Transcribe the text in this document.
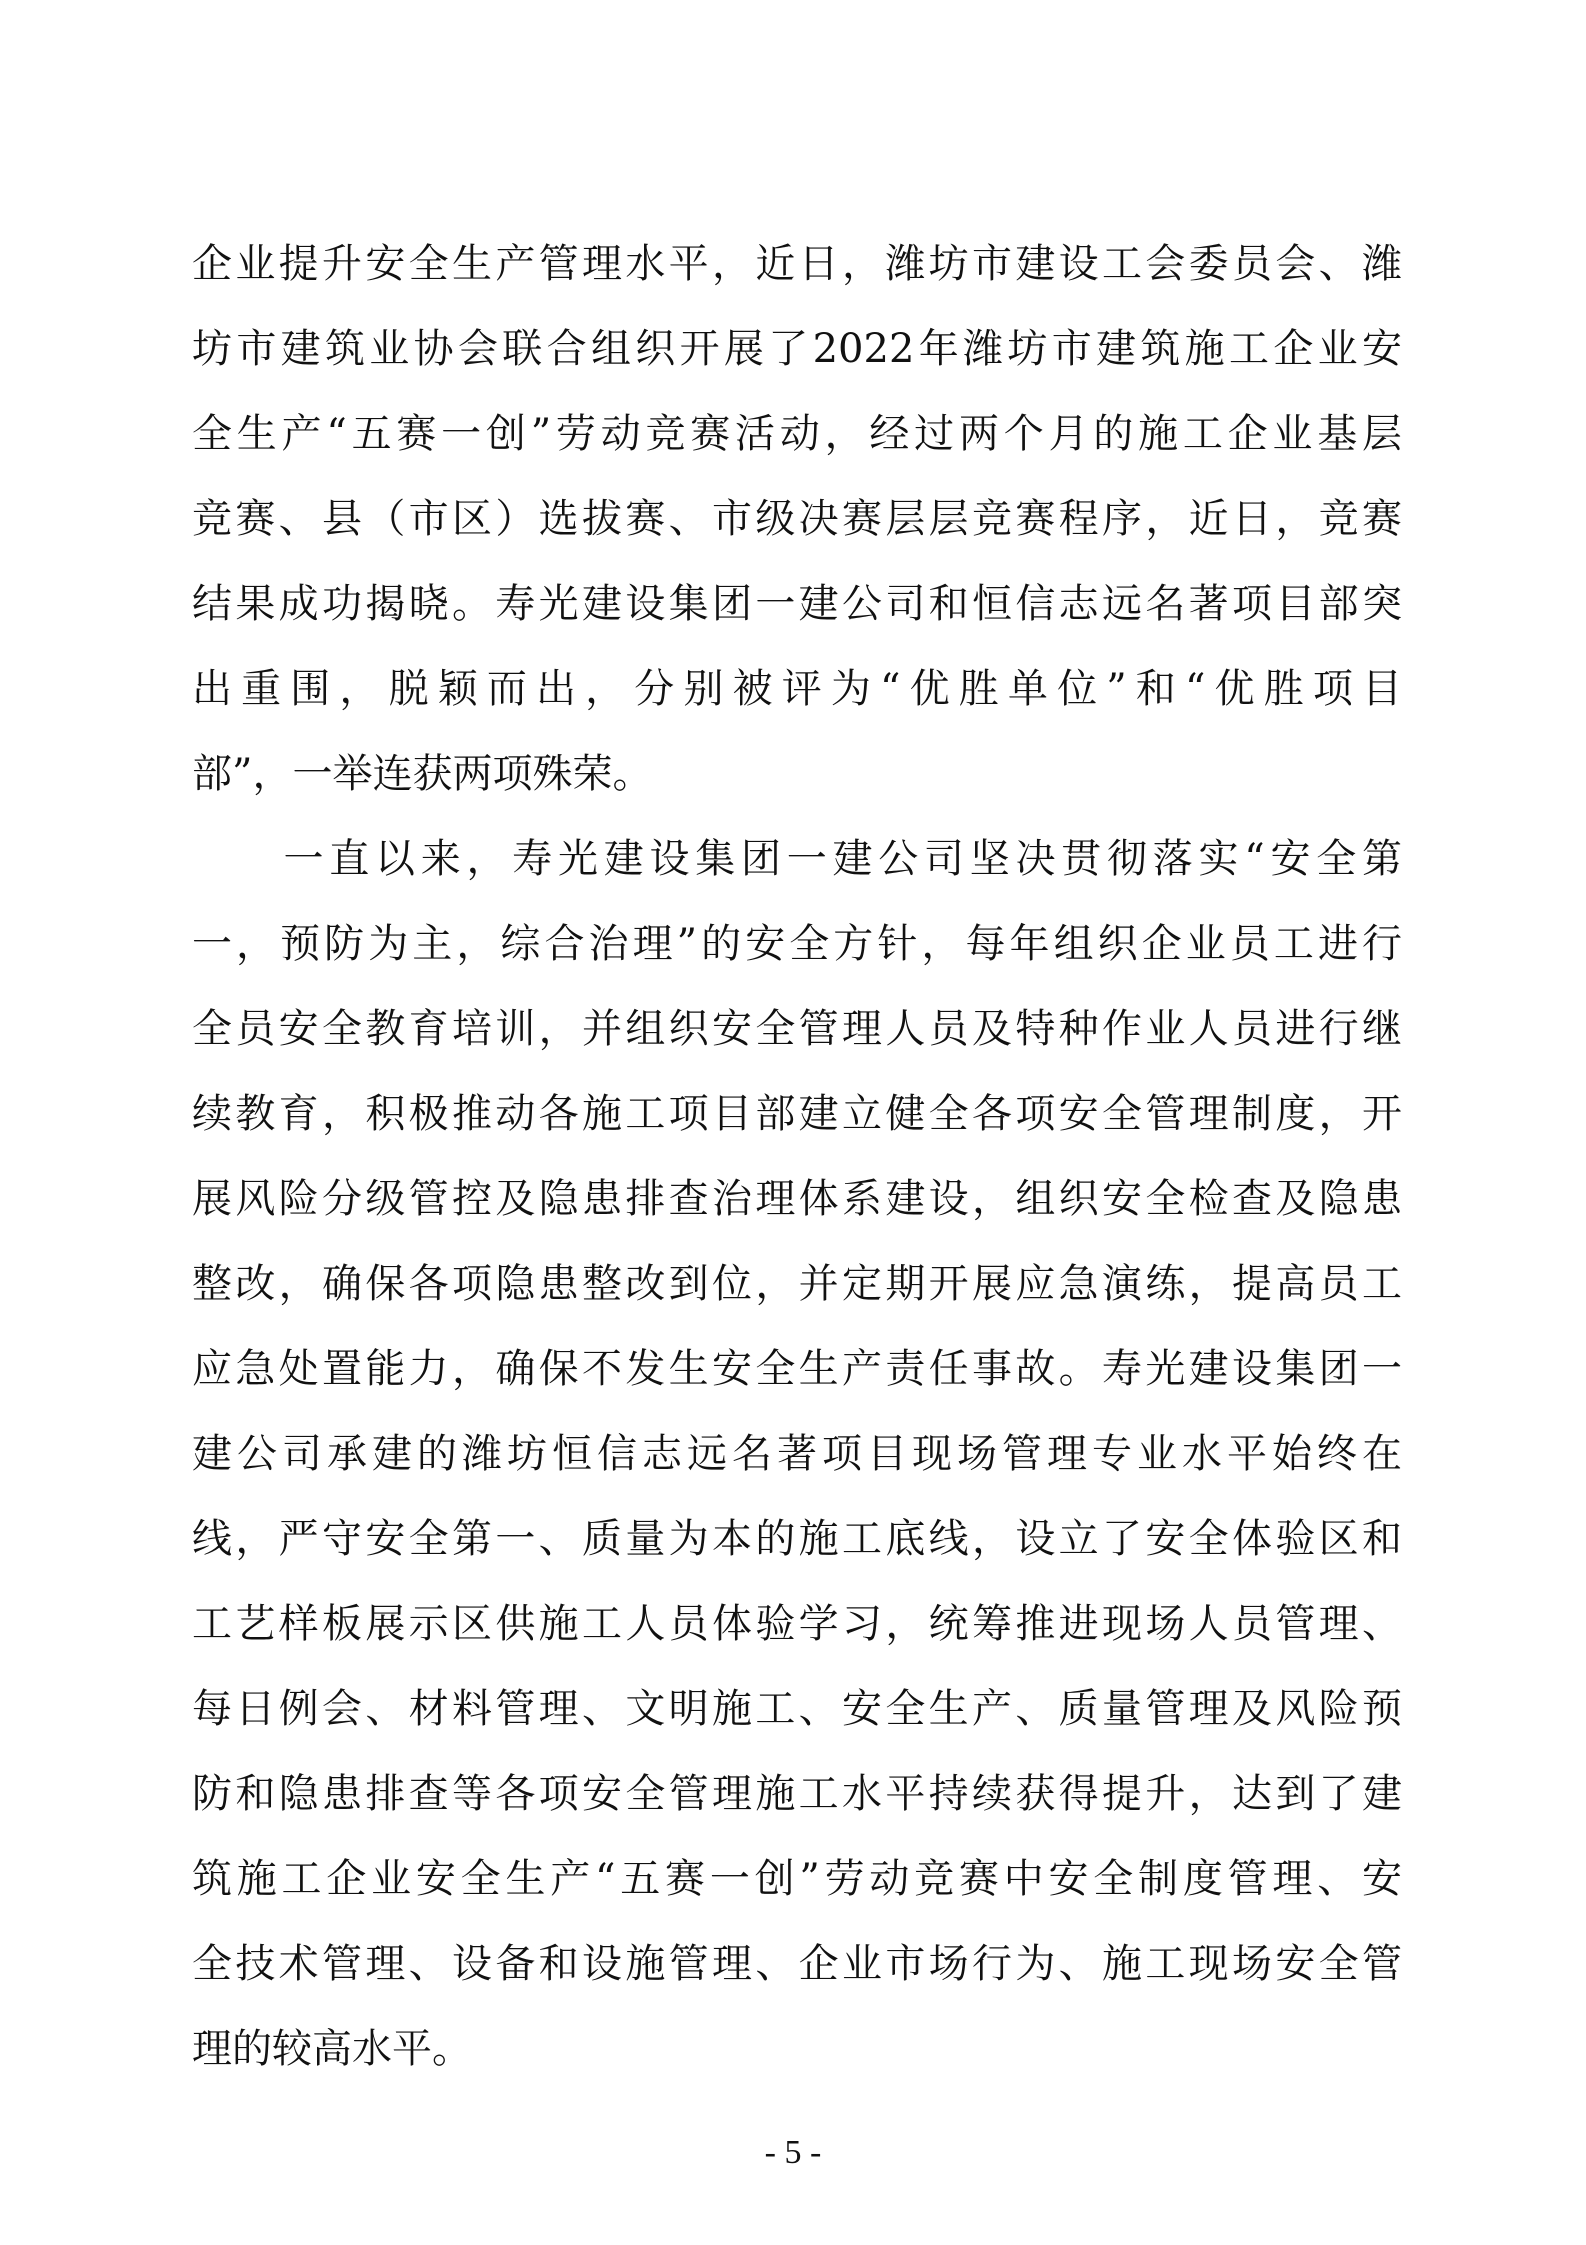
企业提升安全生产管理水平，近日，潍坊市建设工会委员会、潍
坊市建筑业协会联合组织开展了2022年潍坊市建筑施工企业安
全生产“五赛一创”劳动竞赛活动，经过两个月的施工企业基层
竞赛、县（市区）选拔赛、市级决赛层层竞赛程序，近日，竞赛
结果成功揭晓。寿光建设集团一建公司和恒信志远名著项目部突
出重围，脱颖而出，分别被评为“优胜单位”和“优胜项目
部”，一举连获两项殊荣。
　　一直以来，寿光建设集团一建公司坚决贯彻落实“安全第
一，预防为主，综合治理”的安全方针，每年组织企业员工进行
全员安全教育培训，并组织安全管理人员及特种作业人员进行继
续教育，积极推动各施工项目部建立健全各项安全管理制度，开
展风险分级管控及隐患排查治理体系建设，组织安全检查及隐患
整改，确保各项隐患整改到位，并定期开展应急演练，提高员工
应急处置能力，确保不发生安全生产责任事故。寿光建设集团一
建公司承建的潍坊恒信志远名著项目现场管理专业水平始终在
线，严守安全第一、质量为本的施工底线，设立了安全体验区和
工艺样板展示区供施工人员体验学习，统筹推进现场人员管理、
每日例会、材料管理、文明施工、安全生产、质量管理及风险预
防和隐患排查等各项安全管理施工水平持续获得提升，达到了建
筑施工企业安全生产“五赛一创”劳动竞赛中安全制度管理、安
全技术管理、设备和设施管理、企业市场行为、施工现场安全管
理的较高水平。
- 5 -
